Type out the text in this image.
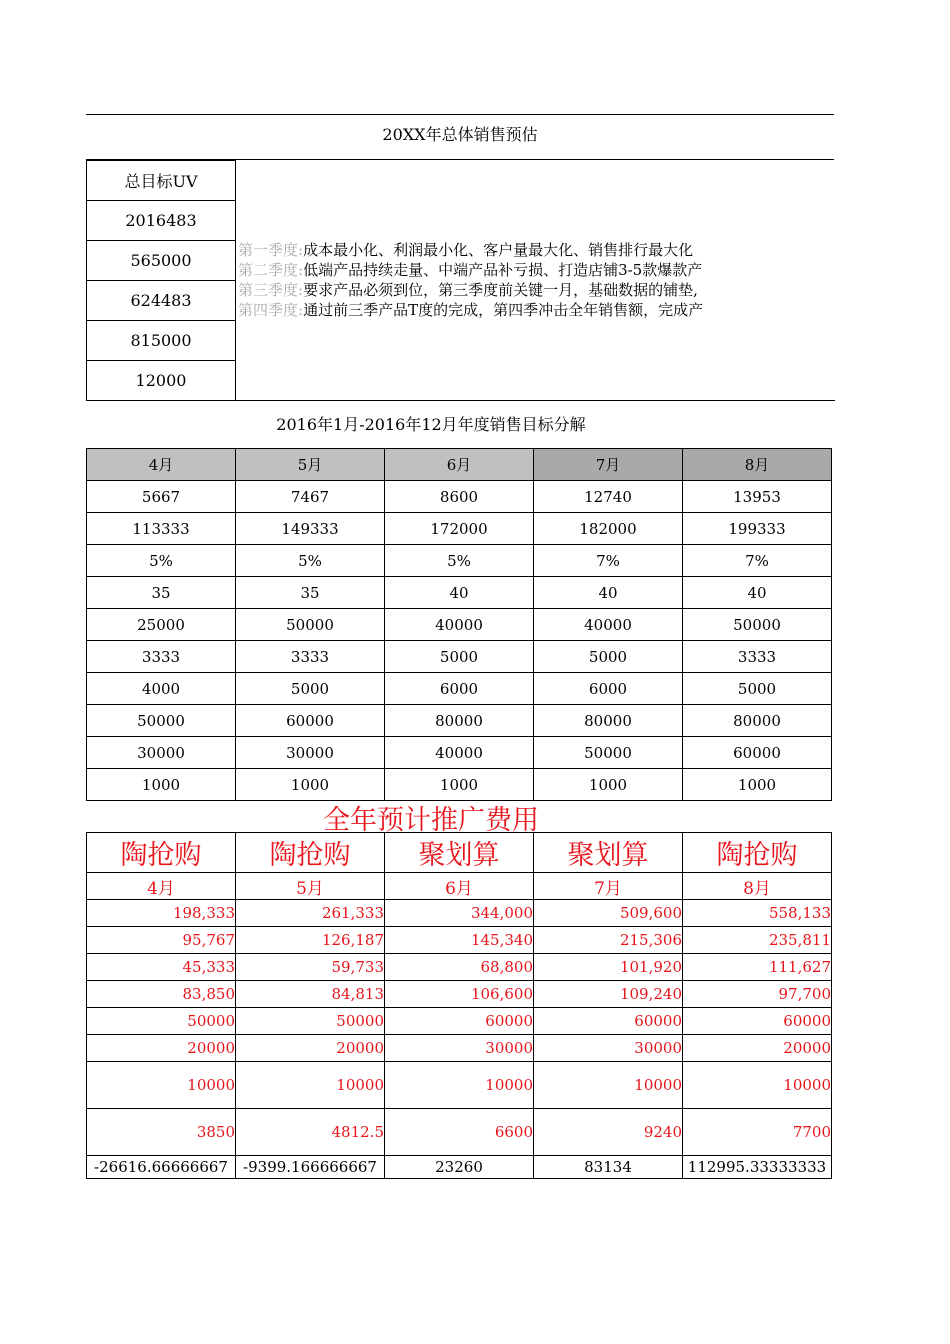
20XX年总体销售预估
总目标UV	
第一季度:成本最小化、利润最小化、客户量最大化、销售排行最大化
第二季度:低端产品持续走量、中端产品补亏损、打造店铺3-5款爆款产
第三季度:要求产品必须到位，第三季度前关键一月，基础数据的铺垫,
第四季度:通过前三季产品T度的完成，第四季冲击全年销售额，完成产

2016483
565000
624483
815000
12000
2016年1月-2016年12月年度销售目标分解
4月	5月	6月	7月	8月
5667	7467	8600	12740	13953
113333	149333	172000	182000	199333
5%	5%	5%	7%	7%
35	35	40	40	40
25000	50000	40000	40000	50000
3333	3333	5000	5000	3333
4000	5000	6000	6000	5000
50000	60000	80000	80000	80000
30000	30000	40000	50000	60000
1000	1000	1000	1000	1000
全年预计推广费用
陶抢购	陶抢购	聚划算	聚划算	陶抢购
4月	5月	6月	7月	8月
198,333	261,333	344,000	509,600	558,133
95,767	126,187	145,340	215,306	235,811
45,333	59,733	68,800	101,920	111,627
83,850	84,813	106,600	109,240	97,700
50000	50000	60000	60000	60000
20000	20000	30000	30000	20000
10000	10000	10000	10000	10000
3850	4812.5	6600	9240	7700
-26616.66666667	-9399.166666667	23260	83134	112995.33333333
